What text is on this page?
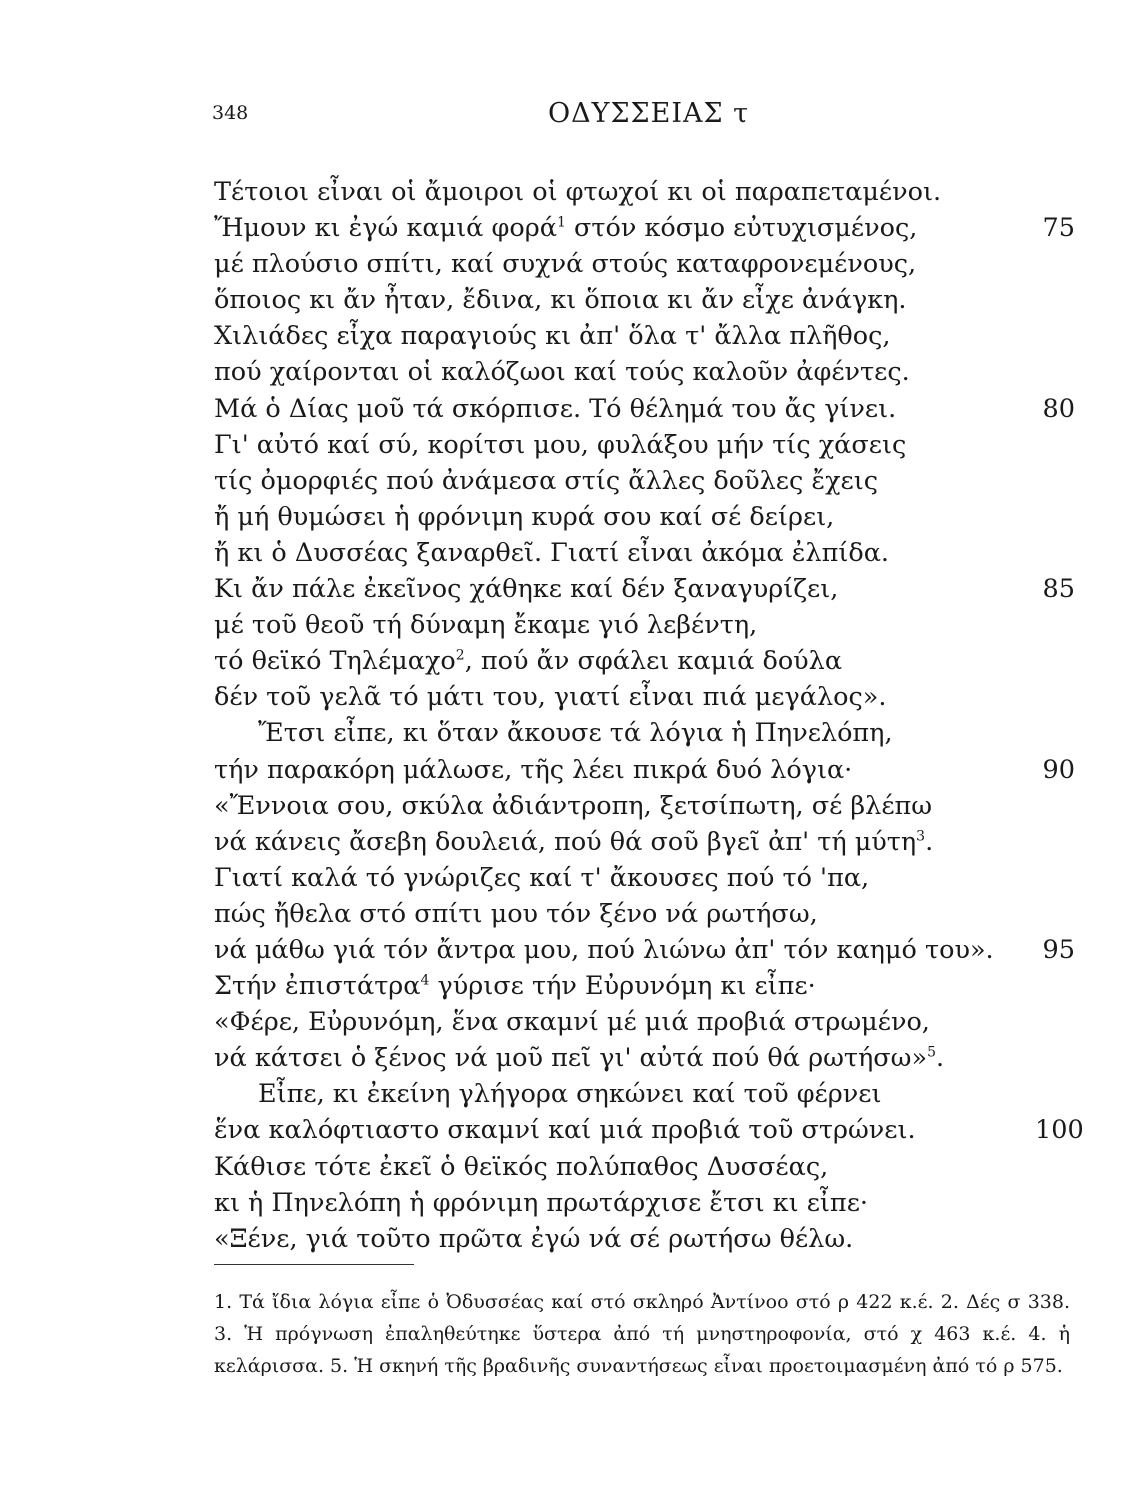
348	ΟΔΥΣΣΕΙΑΣ τ
Τέτοιοι εἶναι οἱ ἄμοιροι οἱ φτωχοί κι οἱ παραπεταμένοι.
Ἤμουν κι ἐγώ καμιά φορά$^1$ στόν κόσμο εὐτυχισμένος,	75
μέ πλούσιο σπίτι, καί συχνά στούς καταφρονεμένους,
ὅποιος κι ἄν ἦταν, ἔδινα, κι ὅποια κι ἄν εἶχε ἀνάγκη.
Χιλιάδες εἶχα παραγιούς κι ἀπ' ὅλα τ' ἄλλα πλῆθος,
πού χαίρονται οἱ καλόζωοι καί τούς καλοῦν ἀφέντες.
Μά ὁ Δίας μοῦ τά σκόρπισε. Τό θέλημά του ἄς γίνει.	80
Γι' αὐτό καί σύ, κορίτσι μου, φυλάξου μήν τίς χάσεις
τίς ὀμορφιές πού ἀνάμεσα στίς ἄλλες δοῦλες ἔχεις
ἤ μή θυμώσει ἡ φρόνιμη κυρά σου καί σέ δείρει,
ἤ κι ὁ Δυσσέας ξαναρθεῖ. Γιατί εἶναι ἀκόμα ἐλπίδα.
Κι ἄν πάλε ἐκεῖνος χάθηκε καί δέν ξαναγυρίζει,	85
μέ τοῦ θεοῦ τή δύναμη ἔκαμε γιό λεβέντη,
τό θεϊκό Τηλέμαχο$^2$, πού ἄν σφάλει καμιά δούλα
δέν τοῦ γελᾶ τό μάτι του, γιατί εἶναι πιά μεγάλος».
Ἔτσι εἶπε, κι ὅταν ἄκουσε τά λόγια ἡ Πηνελόπη,
τήν παρακόρη μάλωσε, τῆς λέει πικρά δυό λόγια·	90
«Ἔννοια σου, σκύλα ἀδιάντροπη, ξετσίπωτη, σέ βλέπω
νά κάνεις ἄσεβη δουλειά, πού θά σοῦ βγεῖ ἀπ' τή μύτη$^3$.
Γιατί καλά τό γνώριζες καί τ' ἄκουσες πού τό 'πα,
πώς ἤθελα στό σπίτι μου τόν ξένο νά ρωτήσω,
νά μάθω γιά τόν ἄντρα μου, πού λιώνω ἀπ' τόν καημό του». 95
Στήν ἐπιστάτρα$^4$ γύρισε τήν Εὐρυνόμη κι εἶπε·
«Φέρε, Εὐρυνόμη, ἕνα σκαμνί μέ μιά προβιά στρωμένο,
νά κάτσει ὁ ξένος νά μοῦ πεῖ γι' αὐτά πού θά ρωτήσω»$^5$.
Εἶπε, κι ἐκείνη γλήγορα σηκώνει καί τοῦ φέρνει
ἕνα καλόφτιαστο σκαμνί καί μιά προβιά τοῦ στρώνει.	100
Κάθισε τότε ἐκεῖ ὁ θεϊκός πολύπαθος Δυσσέας,
κι ἡ Πηνελόπη ἡ φρόνιμη πρωτάρχισε ἔτσι κι εἶπε·
«Ξένε, γιά τοῦτο πρῶτα ἐγώ νά σέ ρωτήσω θέλω.
1. Τά ἴδια λόγια εἶπε ὁ Ὀδυσσέας καί στό σκληρό Ἀντίνοο στό ρ 422 κ.έ. 2. Δές σ 338. 3. Ἡ πρόγνωση ἐπαληθεύτηκε ὕστερα ἀπό τή μνηστηροφονία, στό χ 463 κ.έ. 4. ἡ κελάρισσα. 5. Ἡ σκηνή τῆς βραδινῆς συναντήσεως εἶναι προετοιμασμένη ἀπό τό ρ 575.
